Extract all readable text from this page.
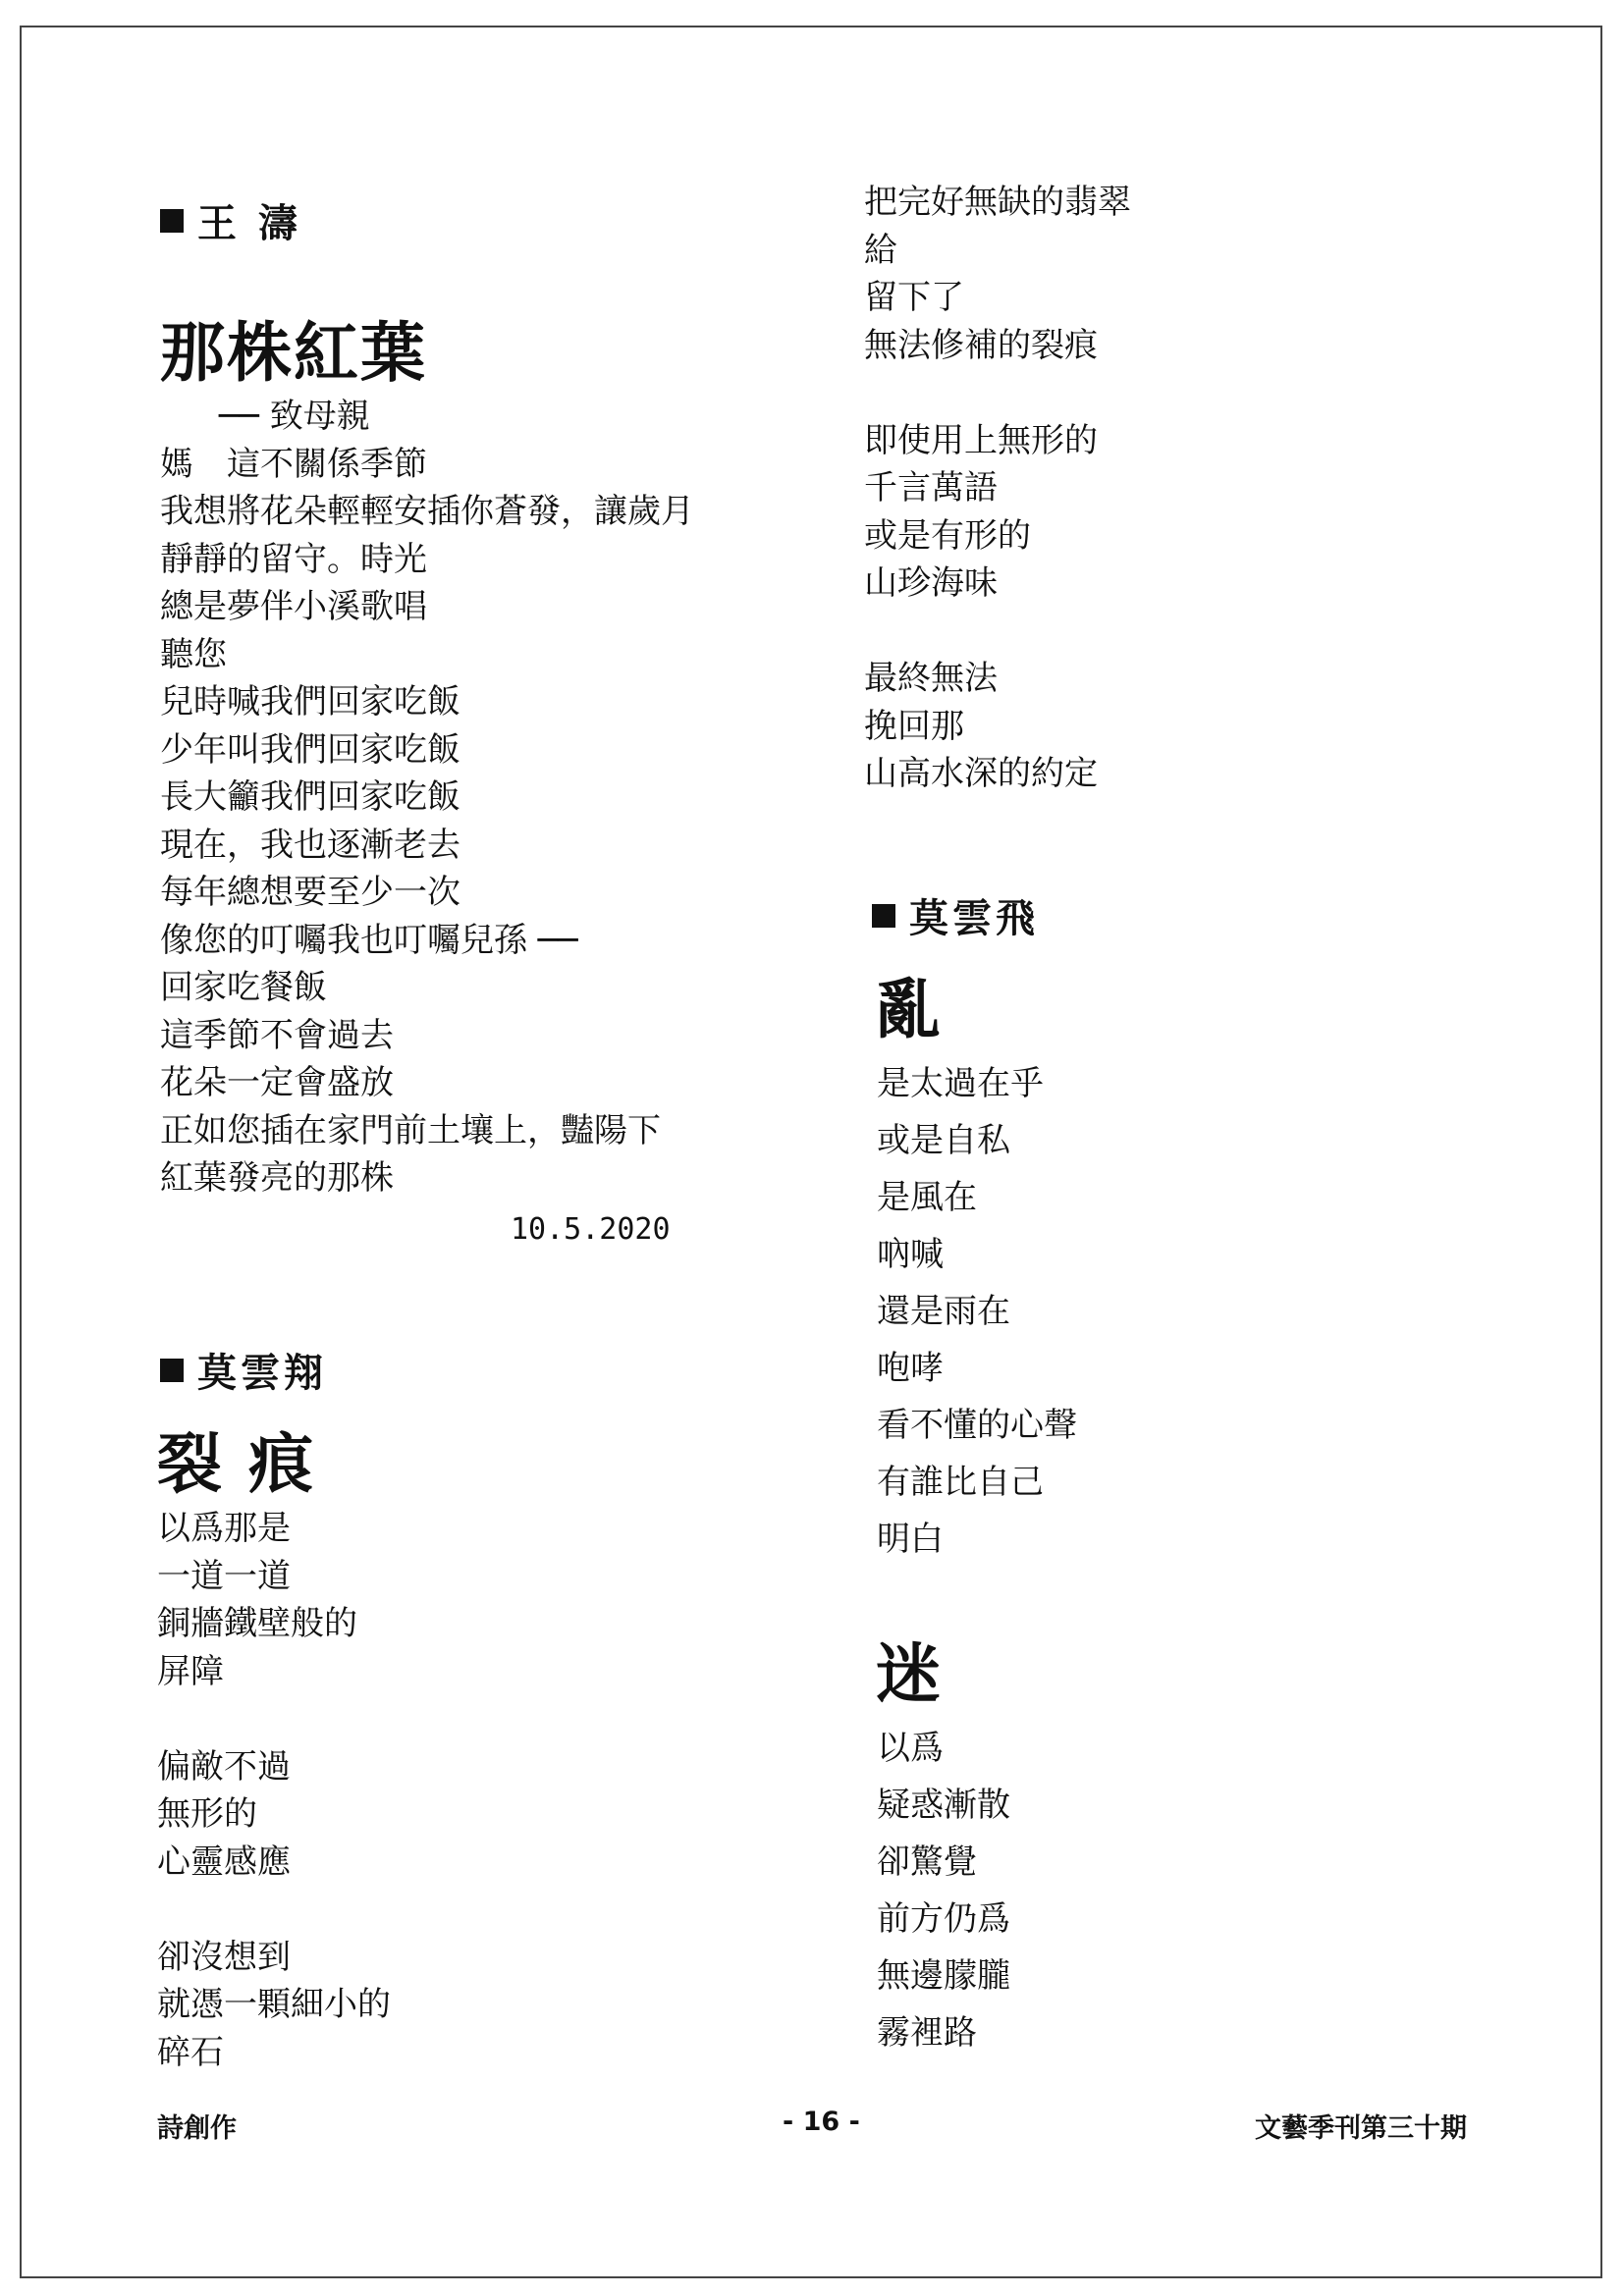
王 濤
那株紅葉
── 致母親
媽　這不關係季節
我想將花朵輕輕安插你蒼發，讓歲月
靜靜的留守。時光
總是夢伴小溪歌唱
聽您
兒時喊我們回家吃飯
少年叫我們回家吃飯
長大籲我們回家吃飯
現在，我也逐漸老去
每年總想要至少一次
像您的叮囑我也叮囑兒孫 ──
回家吃餐飯
這季節不會過去
花朵一定會盛放
正如您插在家門前土壤上，豔陽下
紅葉發亮的那株
10.5.2020
莫雲翔
裂 痕
以爲那是
一道一道
銅牆鐵壁般的
屏障
偏敵不過
無形的
心靈感應
卻沒想到
就憑一顆細小的
碎石
把完好無缺的翡翠
給
留下了
無法修補的裂痕
即使用上無形的
千言萬語
或是有形的
山珍海味
最終無法
挽回那
山高水深的約定
莫雲飛
亂
是太過在乎
或是自私
是風在
吶喊
還是雨在
咆哮
看不懂的心聲
有誰比自己
明白
迷
以爲
疑惑漸散
卻驚覺
前方仍爲
無邊朦朧
霧裡路
詩創作	- 16 -	文藝季刊第三十期
